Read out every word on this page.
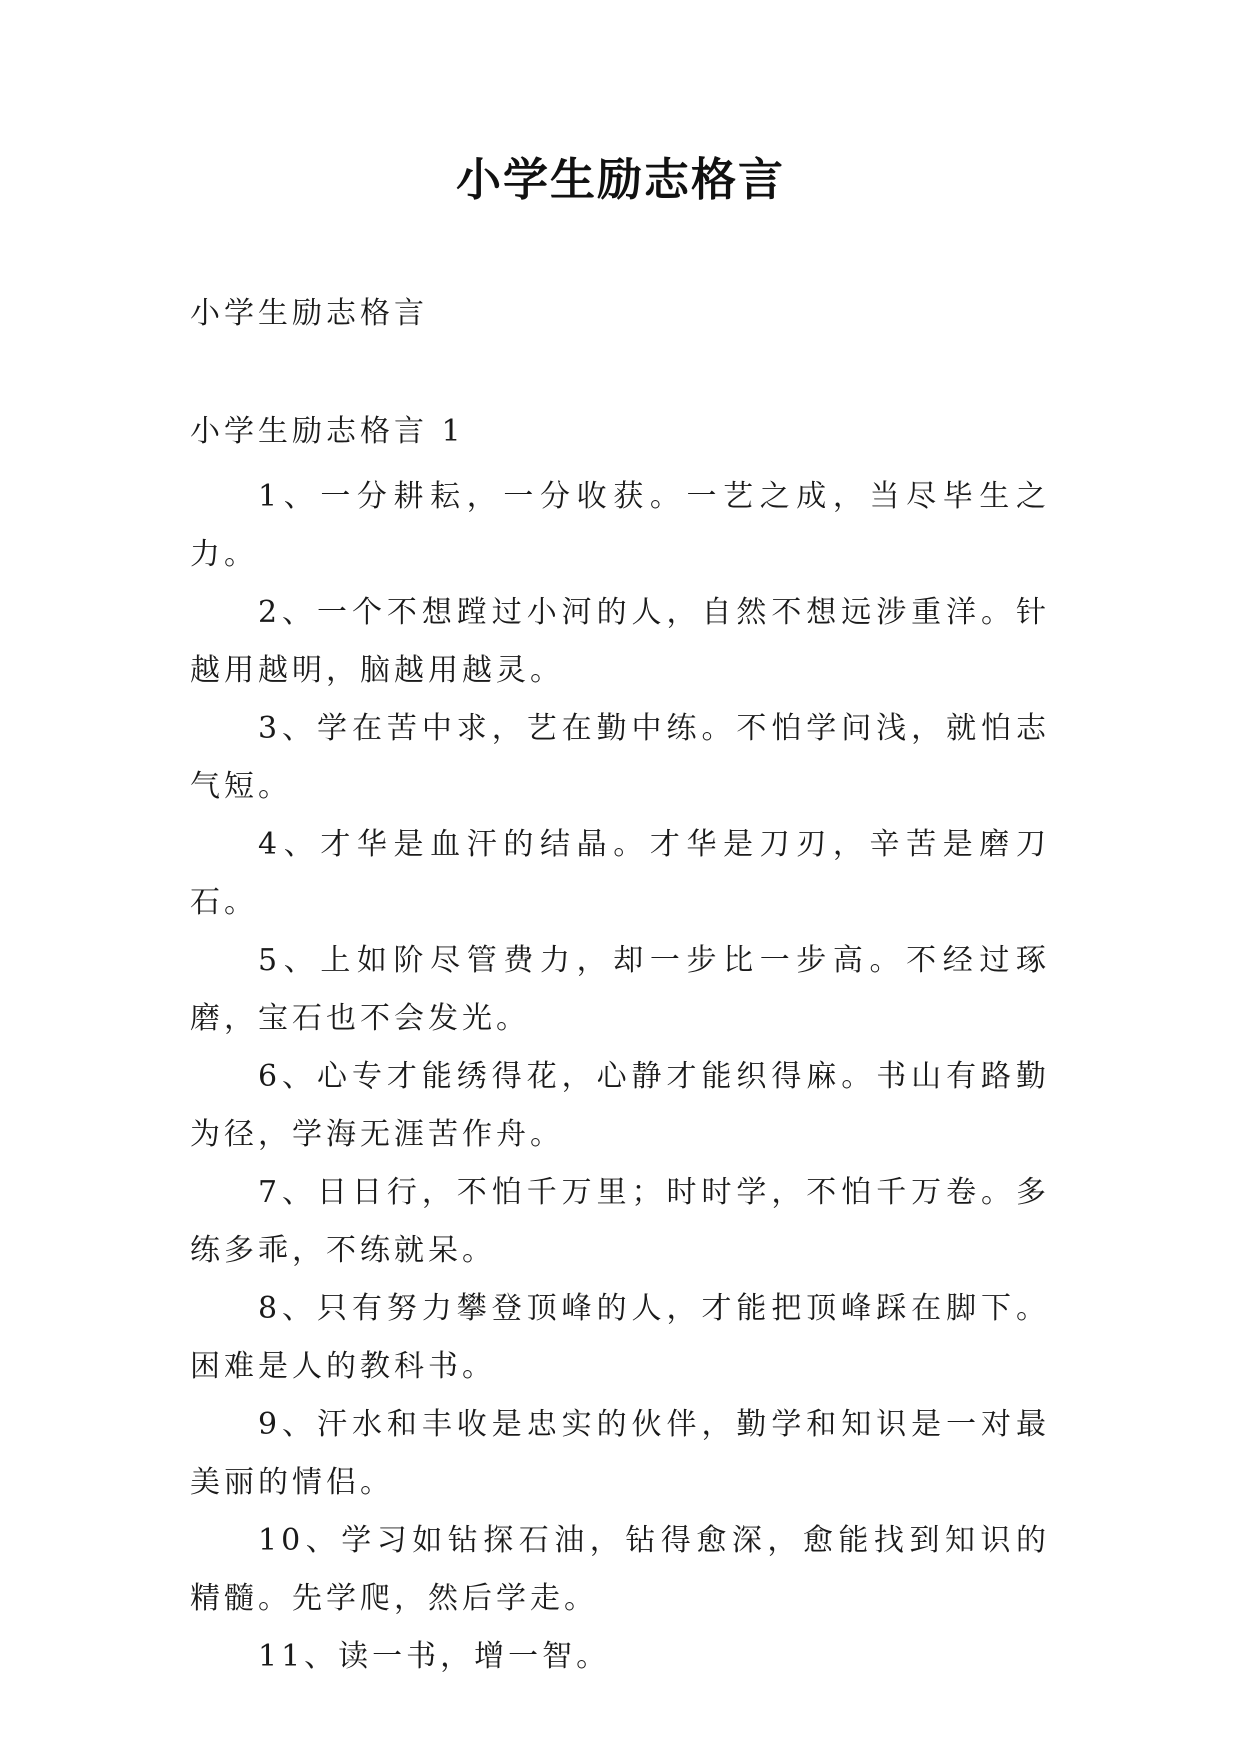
小学生励志格言
小学生励志格言
小学生励志格言 1
1、一分耕耘，一分收获。一艺之成，当尽毕生之力。
2、一个不想蹚过小河的人，自然不想远涉重洋。针越用越明，脑越用越灵。
3、学在苦中求，艺在勤中练。不怕学问浅，就怕志气短。
4、才华是血汗的结晶。才华是刀刃，辛苦是磨刀石。
5、上如阶尽管费力，却一步比一步高。不经过琢磨，宝石也不会发光。
6、心专才能绣得花，心静才能织得麻。书山有路勤为径，学海无涯苦作舟。
7、日日行，不怕千万里；时时学，不怕千万卷。多练多乖，不练就呆。
8、只有努力攀登顶峰的人，才能把顶峰踩在脚下。困难是人的教科书。
9、汗水和丰收是忠实的伙伴，勤学和知识是一对最美丽的情侣。
10、学习如钻探石油，钻得愈深，愈能找到知识的精髓。先学爬，然后学走。
11、读一书，增一智。
